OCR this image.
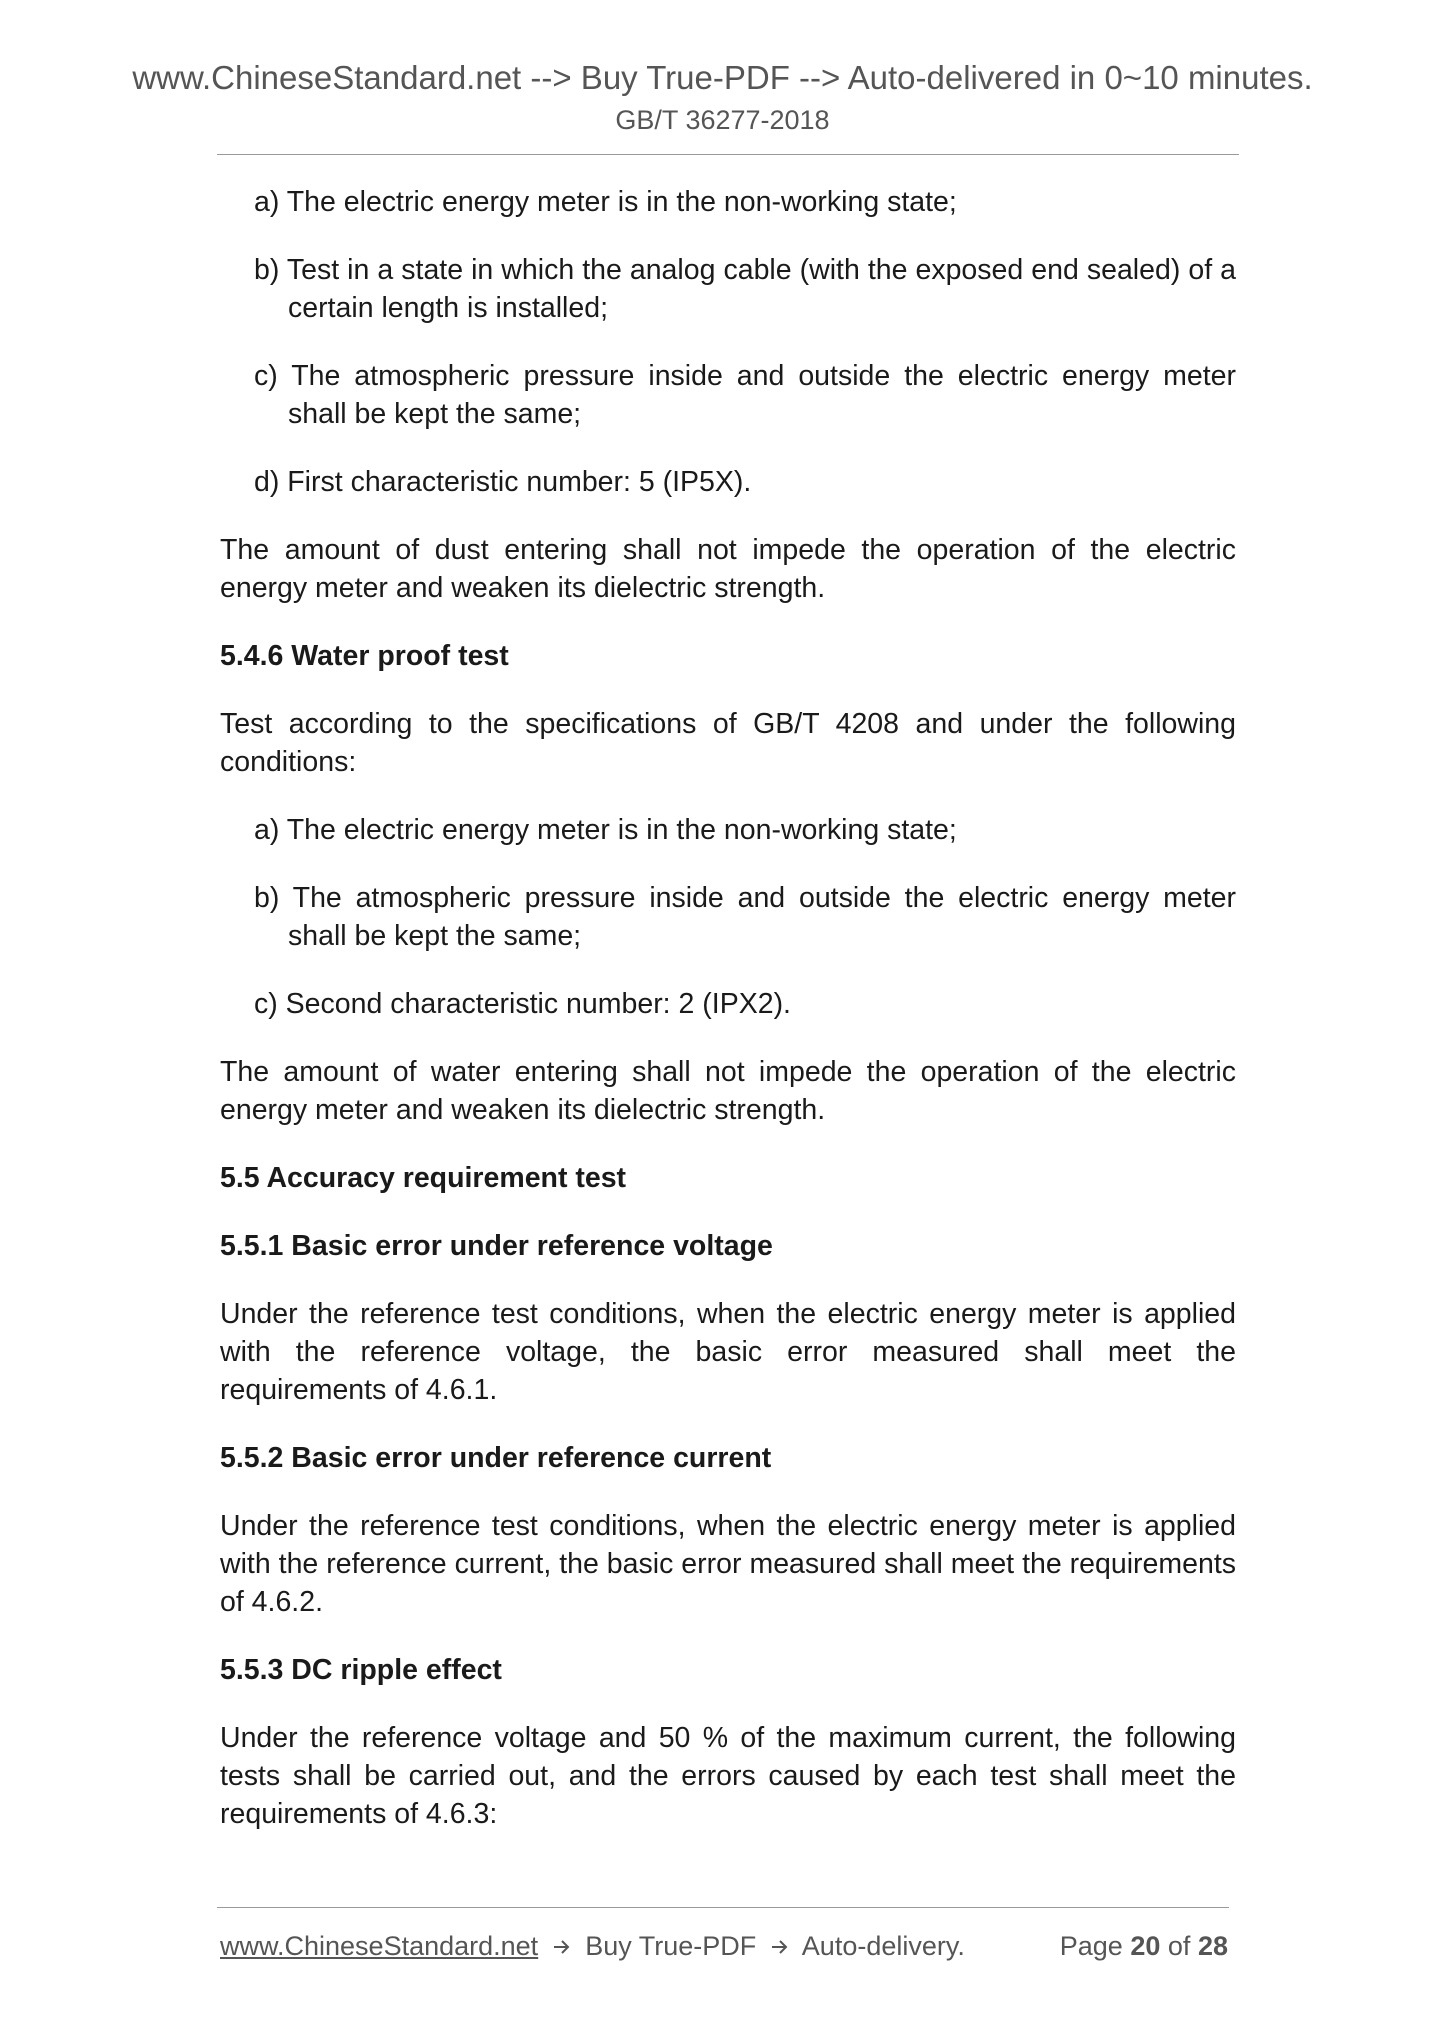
www.ChineseStandard.net --> Buy True-PDF --> Auto-delivered in 0~10 minutes.
GB/T 36277-2018

a) The electric energy meter is in the non-working state;

b) Test in a state in which the analog cable (with the exposed end sealed) of a certain length is installed;

c) The atmospheric pressure inside and outside the electric energy meter shall be kept the same;

d) First characteristic number: 5 (IP5X).

The amount of dust entering shall not impede the operation of the electric energy meter and weaken its dielectric strength.

5.4.6 Water proof test

Test according to the specifications of GB/T 4208 and under the following conditions:

a) The electric energy meter is in the non-working state;

b) The atmospheric pressure inside and outside the electric energy meter shall be kept the same;

c) Second characteristic number: 2 (IPX2).

The amount of water entering shall not impede the operation of the electric energy meter and weaken its dielectric strength.

5.5 Accuracy requirement test

5.5.1 Basic error under reference voltage

Under the reference test conditions, when the electric energy meter is applied with the reference voltage, the basic error measured shall meet the requirements of 4.6.1.

5.5.2 Basic error under reference current

Under the reference test conditions, when the electric energy meter is applied with the reference current, the basic error measured shall meet the requirements of 4.6.2.

5.5.3 DC ripple effect

Under the reference voltage and 50 % of the maximum current, the following tests shall be carried out, and the errors caused by each test shall meet the requirements of 4.6.3:

www.ChineseStandard.net Buy True-PDF Auto-delivery.	Page 20 of 28
